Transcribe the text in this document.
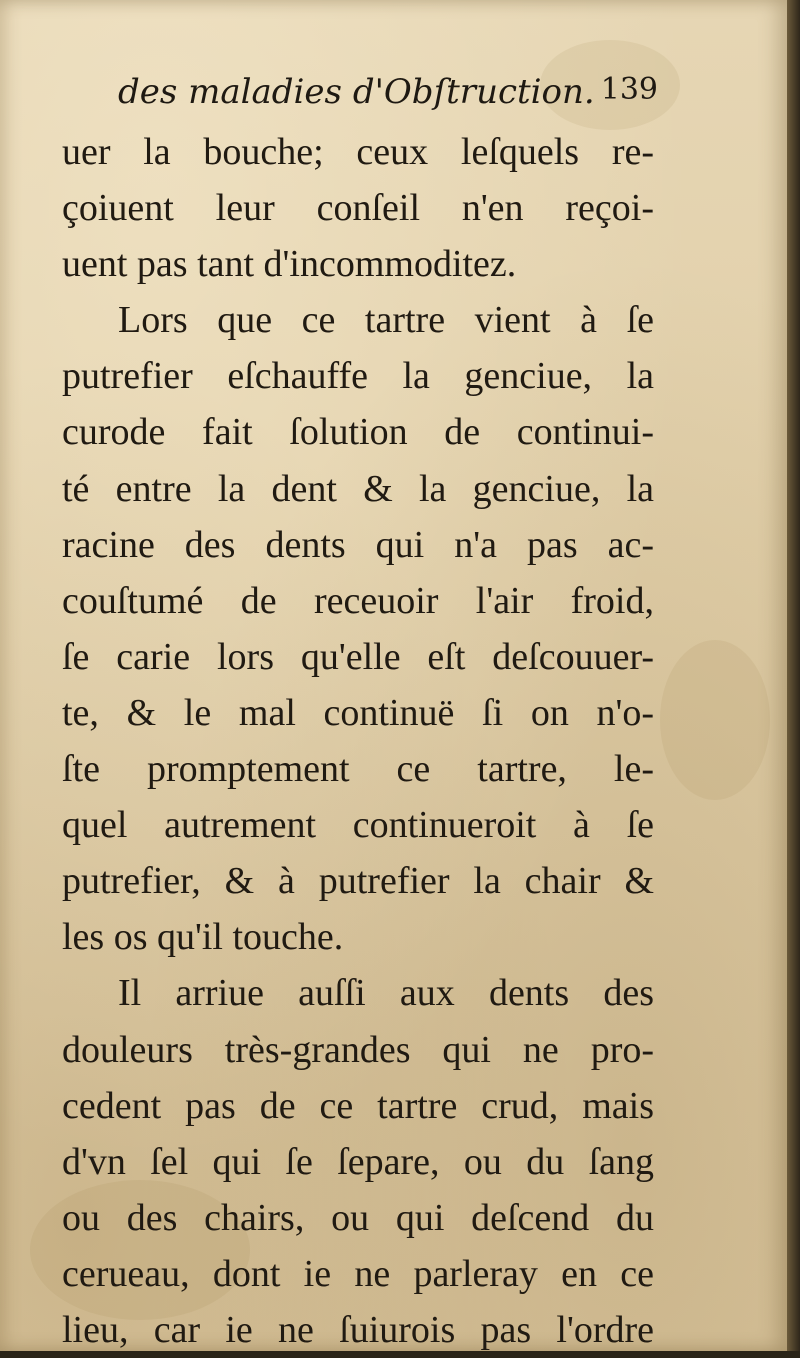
des maladies d'Obſtruction. 139
uer la bouche; ceux leſquels re-
çoiuent leur conſeil n'en reçoi-
uent pas tant d'incommoditez.
Lors que ce tartre vient à ſe
putrefier eſchauffe la genciue, la
curode fait ſolution de continui-
té entre la dent & la genciue, la
racine des dents qui n'a pas ac-
couſtumé de receuoir l'air froid,
ſe carie lors qu'elle eſt deſcouuer-
te, & le mal continuë ſi on n'o-
ſte promptement ce tartre, le-
quel autrement continueroit à ſe
putrefier, & à putrefier la chair &
les os qu'il touche.
Il arriue auſſi aux dents des
douleurs très-grandes qui ne pro-
cedent pas de ce tartre crud, mais
d'vn ſel qui ſe ſepare, ou du ſang
ou des chairs, ou qui deſcend du
cerueau, dont ie ne parleray en ce
lieu, car ie ne ſuiurois pas l'ordre
